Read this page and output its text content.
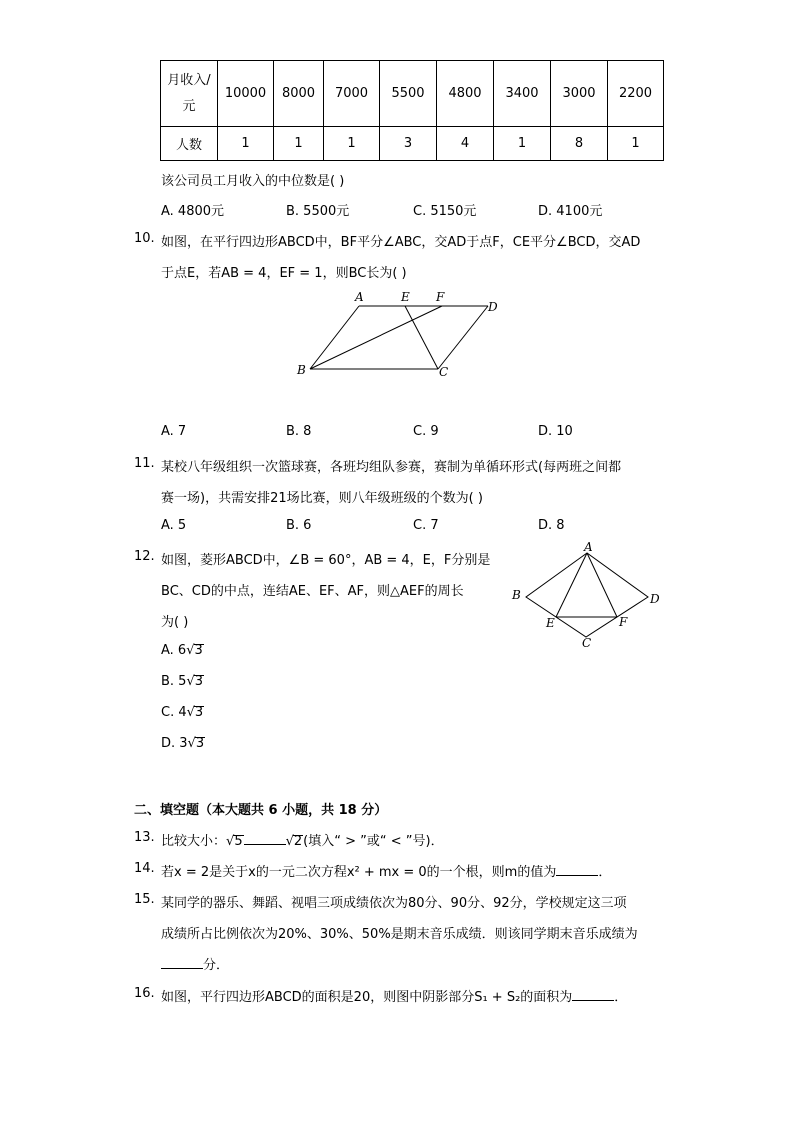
月收入/
元	10000	8000	7000	5500	4800	3400	3000	2200
人数	1	1	1	3	4	1	8	1
该公司员工月收入的中位数是( )
A. 4800元	B. 5500元	C. 5150元	D. 4100元
10. 如图，在平行四边形ABCD中，BF平分∠ABC，交AD于点F，CE平分∠BCD，交AD
于点E，若AB = 4，EF = 1，则BC长为( )
A	E F
D
B	C
A. 7	B. 8	C. 9	D. 10
11. 某校八年级组织一次篮球赛，各班均组队参赛，赛制为单循环形式(每两班之间都
赛一场)，共需安排21场比赛，则八年级班级的个数为( )
A. 5	B. 6	C. 7	D. 8
12. 如图，菱形ABCD中，∠B = 60°，AB = 4，E，F分别是
BC、CD的中点，连结AE、EF、AF，则△AEF的周长
为( )
A
B	D
E	F
C
A. 6√3
B. 5√3
C. 4√3
D. 3√3
二、填空题（本大题共 6 小题，共 18 分）
13. 比较大小：√5	√2(填入“ > ”或“ < ”号)．
14. 若x = 2是关于x的一元二次方程x² + mx = 0的一个根，则m的值为	．
15. 某同学的器乐、舞蹈、视唱三项成绩依次为80分、90分、92分，学校规定这三项
成绩所占比例依次为20%、30%、50%是期末音乐成绩．则该同学期末音乐成绩为
分．
16. 如图，平行四边形ABCD的面积是20，则图中阴影部分S₁ + S₂的面积为	．
